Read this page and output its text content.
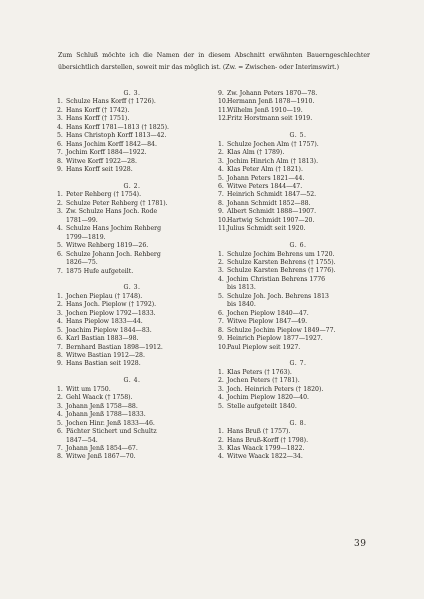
Zum Schluß möchte ich die Namen der in diesem Abschnitt erwähnten Bauerngeschlechter übersichtlich darstellen, soweit mir das möglich ist. (Zw. = Zwischen- oder Interimswirt.)
G. 3.
1. Schulze Hans Korff († 1726).
2. Hans Korff († 1742).
3. Hans Korff († 1751).
4. Hans Korff 1781—1813 († 1825).
5. Hans Christoph Korff 1813—42.
6. Hans Jochim Korff 1842—84.
7. Jochim Korff 1884—1922.
8. Witwe Korff 1922—28.
9. Hans Korff seit 1928.
G. 2.
1. Peter Rehberg († 1754).
2. Schulze Peter Rehberg († 1781).
3. Zw. Schulze Hans Joch. Rode
1781—99.
4. Schulze Hans Jochim Rehberg
1799—1819.
5. Witwe Rehberg 1819—26.
6. Schulze Johann Joch. Rehberg
1826—75.
7. 1875 Hufe aufgeteilt.
G. 3.
1. Jochen Pieplau († 1748).
2. Hans Joch. Pieplow († 1792).
3. Jochen Pieplow 1792—1833.
4. Hans Pieplow 1833—44.
5. Joachim Pieplow 1844—83.
6. Karl Bastian 1883—98.
7. Bernhard Bastian 1898—1912.
8. Witwe Bastian 1912—28.
9. Hans Bastian seit 1928.
G. 4.
1. Witt um 1750.
2. Gehl Waack († 1758).
3. Johann Jenß 1758—88.
4. Johann Jenß 1788—1833.
5. Jochen Hinr. Jenß 1833—46.
6. Pächter Stichert und Schultz
1847—54.
7. Johann Jenß 1854—67.
8. Witwe Jenß 1867—70.
9. Zw. Johann Peters 1870—78.
10.Hermann Jenß 1878—1910.
11.Wilhelm Jenß 1910—19.
12.Fritz Horstmann seit 1919.
G. 5.
1. Schulze Jochen Alm († 1757).
2. Klas Alm († 1789).
3. Jochim Hinrich Alm († 1813).
4. Klas Peter Alm († 1821).
5. Johann Peters 1821—44.
6. Witwe Peters 1844—47.
7. Heinrich Schmidt 1847—52.
8. Johann Schmidt 1852—88.
9. Albert Schmidt 1888—1907.
10.Hartwig Schmidt 1907—20.
11.Julius Schmidt seit 1920.
G. 6.
1. Schulze Jochim Behrens um 1720.
2. Schulze Karsten Behrens († 1755).
3. Schulze Karsten Behrens († 1776).
4. Jochim Christian Behrens 1776
bis 1813.
5. Schulze Joh. Joch. Behrens 1813
bis 1840.
6. Jochen Pieplow 1840—47.
7. Witwe Pieplow 1847—49.
8. Schulze Jochim Pieplow 1849—77.
9. Heinrich Pieplow 1877—1927.
10.Paul Pieplow seit 1927.
G. 7.
1. Klas Peters († 1763).
2. Jochen Peters († 1781).
3. Joch. Heinrich Peters († 1820).
4. Jochim Pieplow 1820—40.
5. Stelle aufgeteilt 1840.
G. 8.
1. Hans Bruß († 1757).
2. Hans Bruß-Korff († 1798).
3. Klas Waack 1799—1822.
4. Witwe Waack 1822—34.
39
